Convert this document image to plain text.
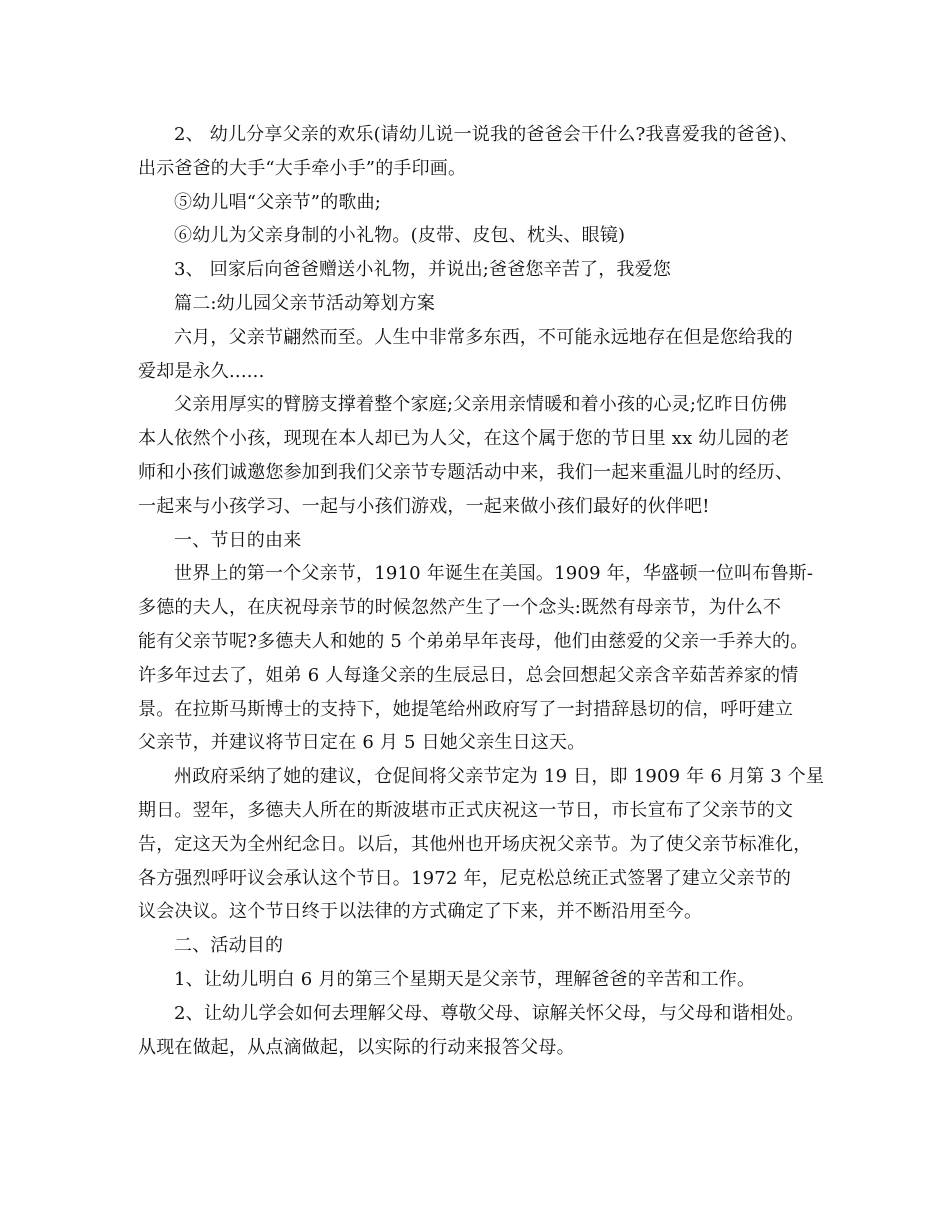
2、 幼儿分享父亲的欢乐(请幼儿说一说我的爸爸会干什么?我喜爱我的爸爸)、
出示爸爸的大手“大手牵小手”的手印画。
⑤幼儿唱“父亲节”的歌曲;
⑥幼儿为父亲身制的小礼物。(皮带、皮包、枕头、眼镜)
3、 回家后向爸爸赠送小礼物，并说出;爸爸您辛苦了，我爱您
篇二:幼儿园父亲节活动筹划方案
六月，父亲节翩然而至。人生中非常多东西，不可能永远地存在但是您给我的
爱却是永久......
父亲用厚实的臂膀支撑着整个家庭;父亲用亲情暖和着小孩的心灵;忆昨日仿佛
本人依然个小孩，现现在本人却已为人父，在这个属于您的节日里 xx 幼儿园的老
师和小孩们诚邀您参加到我们父亲节专题活动中来，我们一起来重温儿时的经历、
一起来与小孩学习、一起与小孩们游戏，一起来做小孩们最好的伙伴吧!
一、节日的由来
世界上的第一个父亲节，1910 年诞生在美国。1909 年，华盛顿一位叫布鲁斯-
多德的夫人，在庆祝母亲节的时候忽然产生了一个念头:既然有母亲节，为什么不
能有父亲节呢?多德夫人和她的 5 个弟弟早年丧母，他们由慈爱的父亲一手养大的。
许多年过去了，姐弟 6 人每逢父亲的生辰忌日，总会回想起父亲含辛茹苦养家的情
景。在拉斯马斯博士的支持下，她提笔给州政府写了一封措辞恳切的信，呼吁建立
父亲节，并建议将节日定在 6 月 5 日她父亲生日这天。
州政府采纳了她的建议，仓促间将父亲节定为 19 日，即 1909 年 6 月第 3 个星
期日。翌年，多德夫人所在的斯波堪市正式庆祝这一节日，市长宣布了父亲节的文
告，定这天为全州纪念日。以后，其他州也开场庆祝父亲节。为了使父亲节标准化，
各方强烈呼吁议会承认这个节日。1972 年，尼克松总统正式签署了建立父亲节的
议会决议。这个节日终于以法律的方式确定了下来，并不断沿用至今。
二、活动目的
1、让幼儿明白 6 月的第三个星期天是父亲节，理解爸爸的辛苦和工作。
2、让幼儿学会如何去理解父母、尊敬父母、谅解关怀父母，与父母和谐相处。
从现在做起，从点滴做起，以实际的行动来报答父母。
